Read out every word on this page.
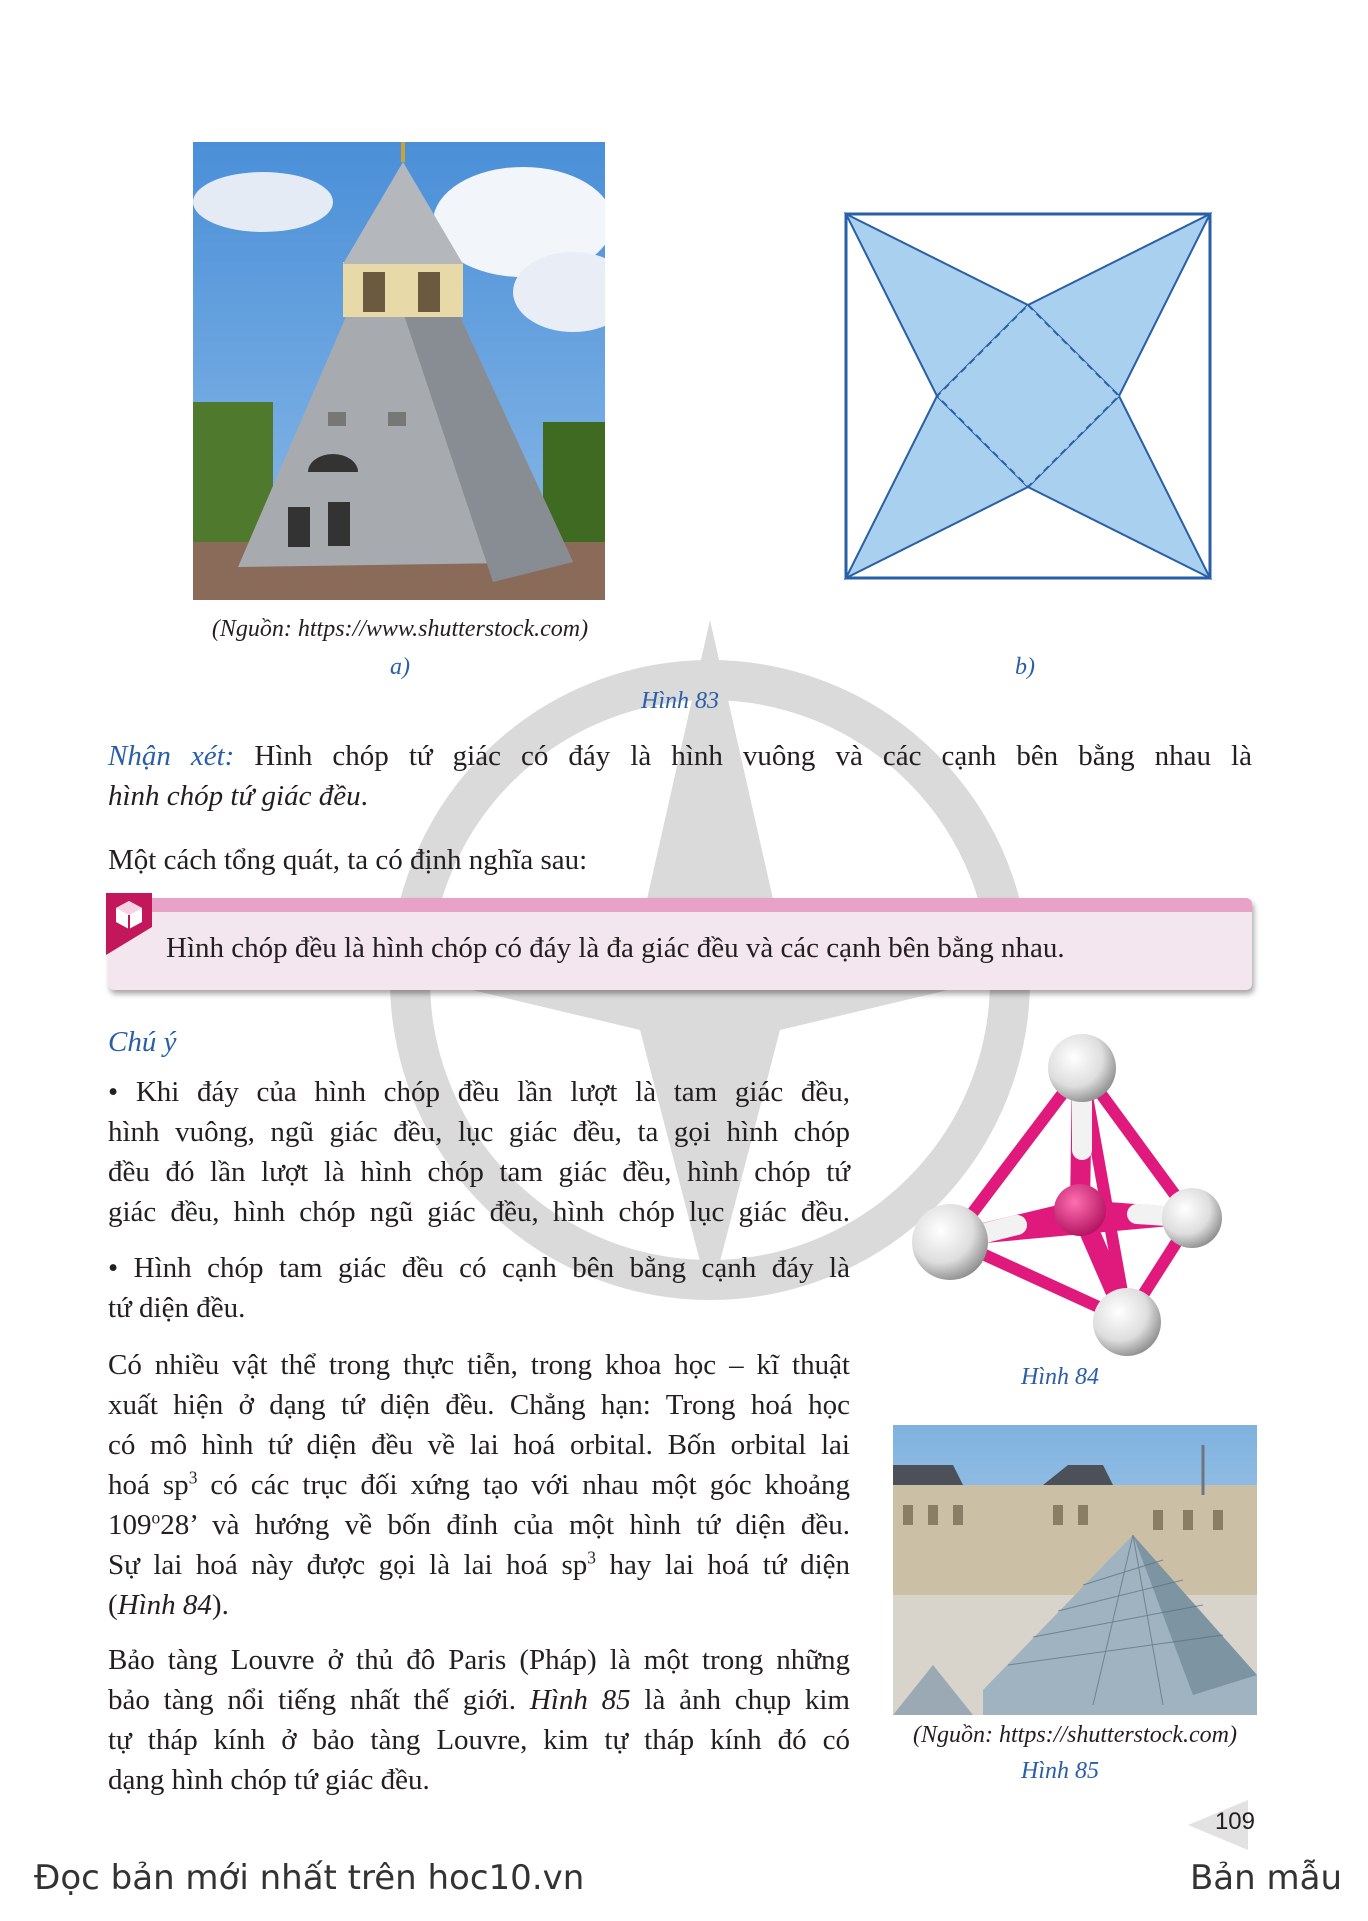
(Nguồn: https://www.shutterstock.com)
a)	b)
Hình 83
Nhận xét: Hình chóp tứ giác có đáy là hình vuông và các cạnh bên bằng nhau là
hình chóp tứ giác đều.
Một cách tổng quát, ta có định nghĩa sau:
Hình chóp đều là hình chóp có đáy là đa giác đều và các cạnh bên bằng nhau.
Chú ý
• Khi đáy của hình chóp đều lần lượt là tam giác đều,
hình vuông, ngũ giác đều, lục giác đều, ta gọi hình chóp
đều đó lần lượt là hình chóp tam giác đều, hình chóp tứ
giác đều, hình chóp ngũ giác đều, hình chóp lục giác đều.
• Hình chóp tam giác đều có cạnh bên bằng cạnh đáy là
tứ diện đều.
Có nhiều vật thể trong thực tiễn, trong khoa học – kĩ thuật
xuất hiện ở dạng tứ diện đều. Chẳng hạn: Trong hoá học
có mô hình tứ diện đều về lai hoá orbital. Bốn orbital lai
hoá $sp^3$ có các trục đối xứng tạo với nhau một góc khoảng
109$^o$28’ và hướng về bốn đỉnh của một hình tứ diện đều.
Sự lai hoá này được gọi là lai hoá $sp^3$ hay lai hoá tứ diện
(Hình 84).
Bảo tàng Louvre ở thủ đô Paris (Pháp) là một trong những
bảo tàng nổi tiếng nhất thế giới. Hình 85 là ảnh chụp kim
tự tháp kính ở bảo tàng Louvre, kim tự tháp kính đó có
dạng hình chóp tứ giác đều.
Hình 84
(Nguồn: https://shutterstock.com)
Hình 85
109
Đọc bản mới nhất trên hoc10.vn	Bản mẫu
